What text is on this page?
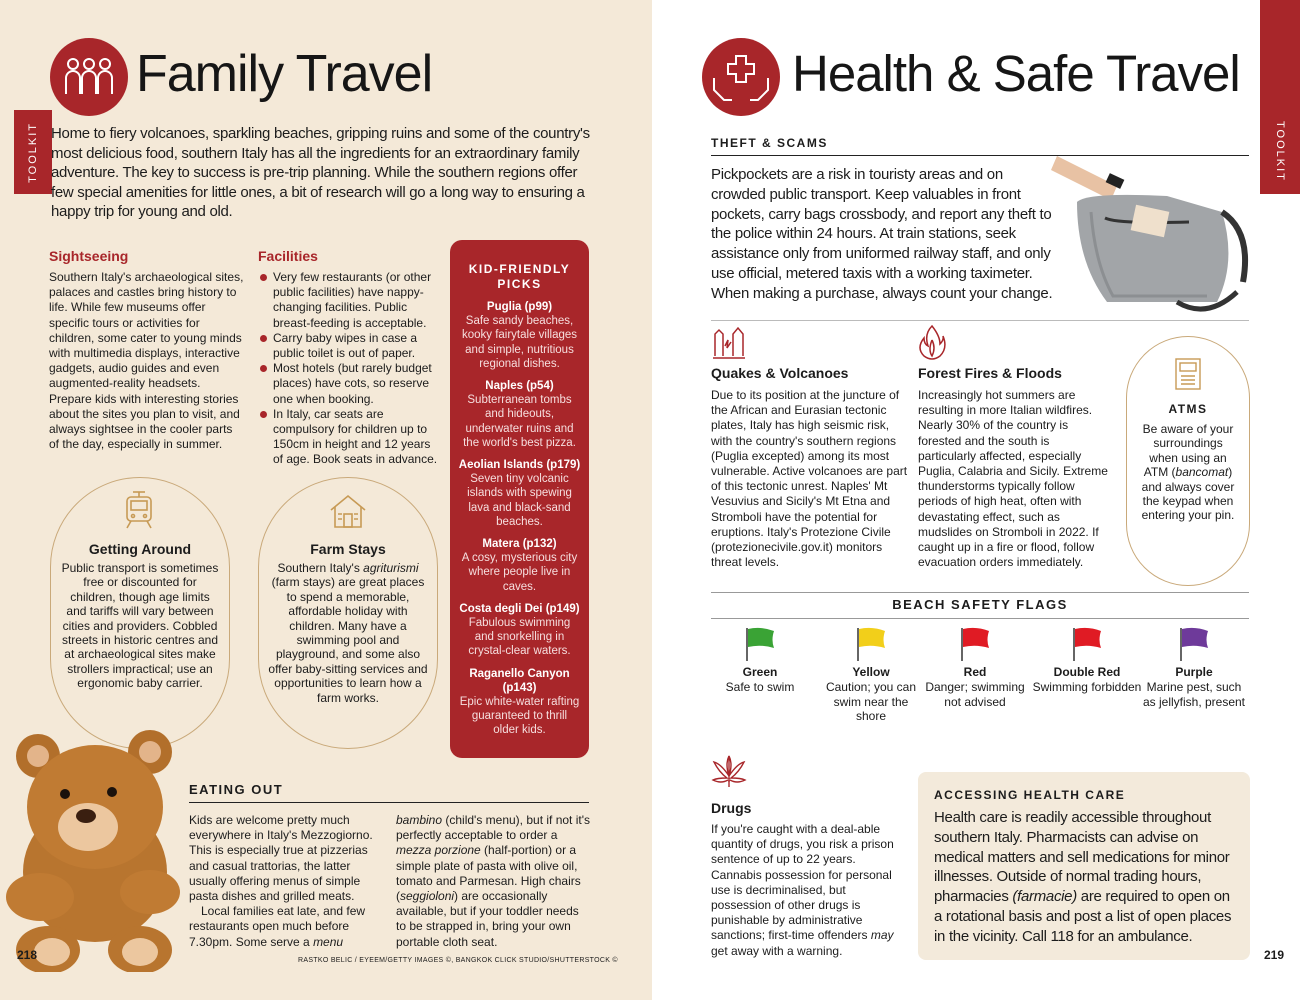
TOOLKIT
Family Travel
Home to fiery volcanoes, sparkling beaches, gripping ruins and some of the country's most delicious food, southern Italy has all the ingredients for an extraordinary family adventure. The key to success is pre-trip planning. While the southern regions offer few special amenities for little ones, a bit of research will go a long way to ensuring a happy trip for young and old.
Sightseeing
Southern Italy's archaeological sites, palaces and castles bring history to life. While few museums offer specific tours or activities for children, some cater to young minds with multimedia displays, interactive gadgets, audio guides and even augmented-reality headsets. Prepare kids with interesting stories about the sites you plan to visit, and always sightsee in the cooler parts of the day, especially in summer.
Facilities
Very few restaurants (or other public facilities) have nappy-changing facilities. Public breast-feeding is acceptable.
Carry baby wipes in case a public toilet is out of paper.
Most hotels (but rarely budget places) have cots, so reserve one when booking.
In Italy, car seats are compulsory for children up to 150cm in height and 12 years of age. Book seats in advance.
KID-FRIENDLY PICKS
Puglia (p99)
Safe sandy beaches, kooky fairytale villages and simple, nutritious regional dishes.
Naples (p54)
Subterranean tombs and hideouts, underwater ruins and the world's best pizza.
Aeolian Islands (p179)
Seven tiny volcanic islands with spewing lava and black-sand beaches.
Matera (p132)
A cosy, mysterious city where people live in caves.
Costa degli Dei (p149)
Fabulous swimming and snorkelling in crystal-clear waters.
Raganello Canyon (p143)
Epic white-water rafting guaranteed to thrill older kids.
Getting Around
Public transport is sometimes free or discounted for children, though age limits and tariffs will vary between cities and providers. Cobbled streets in historic centres and at archaeological sites make strollers impractical; use an ergonomic baby carrier.
Farm Stays
Southern Italy's agriturismi (farm stays) are great places to spend a memorable, affordable holiday with children. Many have a swimming pool and playground, and some also offer baby-sitting services and opportunities to learn how a farm works.
EATING OUT
Kids are welcome pretty much everywhere in Italy's Mezzogiorno. This is especially true at pizzerias and casual trattorias, the latter usually offering menus of simple pasta dishes and grilled meats.
Local families eat late, and few restaurants open much before 7.30pm. Some serve a menu
bambino (child's menu), but if not it's perfectly acceptable to order a mezza porzione (half-portion) or a simple plate of pasta with olive oil, tomato and Parmesan. High chairs (seggioloni) are occasionally available, but if your toddler needs to be strapped in, bring your own portable cloth seat.
218	RASTKO BELIC / EYEEM/GETTY IMAGES ©, BANGKOK CLICK STUDIO/SHUTTERSTOCK ©
TOOLKIT
Health & Safe Travel
THEFT & SCAMS
Pickpockets are a risk in touristy areas and on crowded public transport. Keep valuables in front pockets, carry bags crossbody, and report any theft to the police within 24 hours. At train stations, seek assistance only from uniformed railway staff, and only use official, metered taxis with a working taximeter. When making a purchase, always count your change.
Quakes & Volcanoes
Due to its position at the juncture of the African and Eurasian tectonic plates, Italy has high seismic risk, with the country's southern regions (Puglia excepted) among its most vulnerable. Active volcanoes are part of this tectonic unrest. Naples' Mt Vesuvius and Sicily's Mt Etna and Stromboli have the potential for eruptions. Italy's Protezione Civile (protezionecivile.gov.it) monitors threat levels.
Forest Fires & Floods
Increasingly hot summers are resulting in more Italian wildfires. Nearly 30% of the country is forested and the south is particularly affected, especially Puglia, Calabria and Sicily. Extreme thunderstorms typically follow periods of high heat, often with devastating effect, such as mudslides on Stromboli in 2022. If caught up in a fire or flood, follow evacuation orders immediately.
ATMS
Be aware of your surroundings when using an ATM (bancomat) and always cover the keypad when entering your pin.
BEACH SAFETY FLAGS
Green
Safe to swim
Yellow
Caution; you can swim near the shore
Red
Danger; swimming not advised
Double Red
Swimming forbidden
Purple
Marine pest, such as jellyfish, present
Drugs
If you're caught with a deal-able quantity of drugs, you risk a prison sentence of up to 22 years. Cannabis possession for personal use is decriminalised, but possession of other drugs is punishable by administrative sanctions; first-time offenders may get away with a warning.
ACCESSING HEALTH CARE
Health care is readily accessible throughout southern Italy. Pharmacists can advise on medical matters and sell medications for minor illnesses. Outside of normal trading hours, pharmacies (farmacie) are required to open on a rotational basis and post a list of open places in the vicinity. Call 118 for an ambulance.
219
